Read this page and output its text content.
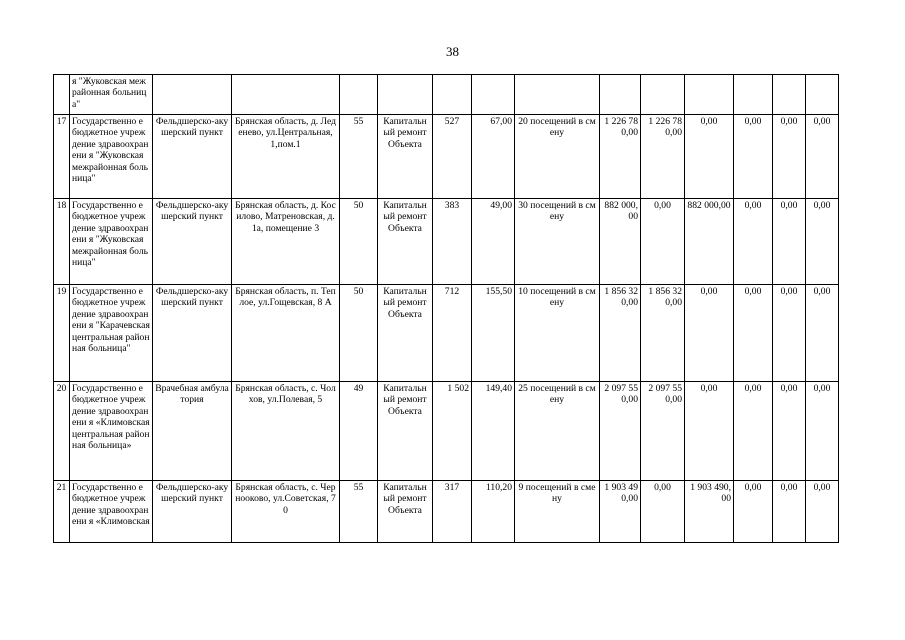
38
	я "Жуковская межрайонная больница"													
17	Государственно е бюджетное учреждение здравоохранени я "Жуковская межрайонная больница"	Фельдшерско-акушерский пункт	Брянская область, д. Леденево, ул.Центральная, 1,пом.1	55	Капитальн ый ремонт Объекта	527	67,00	20 посещений в смену	1 226 780,00	1 226 780,00	0,00	0,00	0,00	0,00
18	Государственно е бюджетное учреждение здравоохранени я "Жуковская межрайонная больница"	Фельдшерско-акушерский пункт	Брянская область, д. Косилово, Матреновская, д.1а, помещение 3	50	Капитальн ый ремонт Объекта	383	49,00	30 посещений в смену	882 000,00	0,00	882 000,00	0,00	0,00	0,00
19	Государственно е бюджетное учреждение здравоохранени я "Карачевская центральная районная больница"	Фельдшерско-акушерский пункт	Брянская область, п. Теплое, ул.Гощевская, 8 А	50	Капитальн ый ремонт Объекта	712	155,50	10 посещений в смену	1 856 320,00	1 856 320,00	0,00	0,00	0,00	0,00
20	Государственно е бюджетное учреждение здравоохранени я «Климовская центральная районная больница»	Врачебная амбулатория	Брянская область, с. Чолхов, ул.Полевая, 5	49	Капитальн ый ремонт Объекта	1 502	149,40	25 посещений в смену	2 097 550,00	2 097 550,00	0,00	0,00	0,00	0,00
21	Государственно е бюджетное учреждение здравоохранени я «Климовская	Фельдшерско-акушерский пункт	Брянская область, с. Чернооково, ул.Советская, 70	55	Капитальн ый ремонт Объекта	317	110,20	9 посещений в смену	1 903 490,00	0,00	1 903 490,00	0,00	0,00	0,00
